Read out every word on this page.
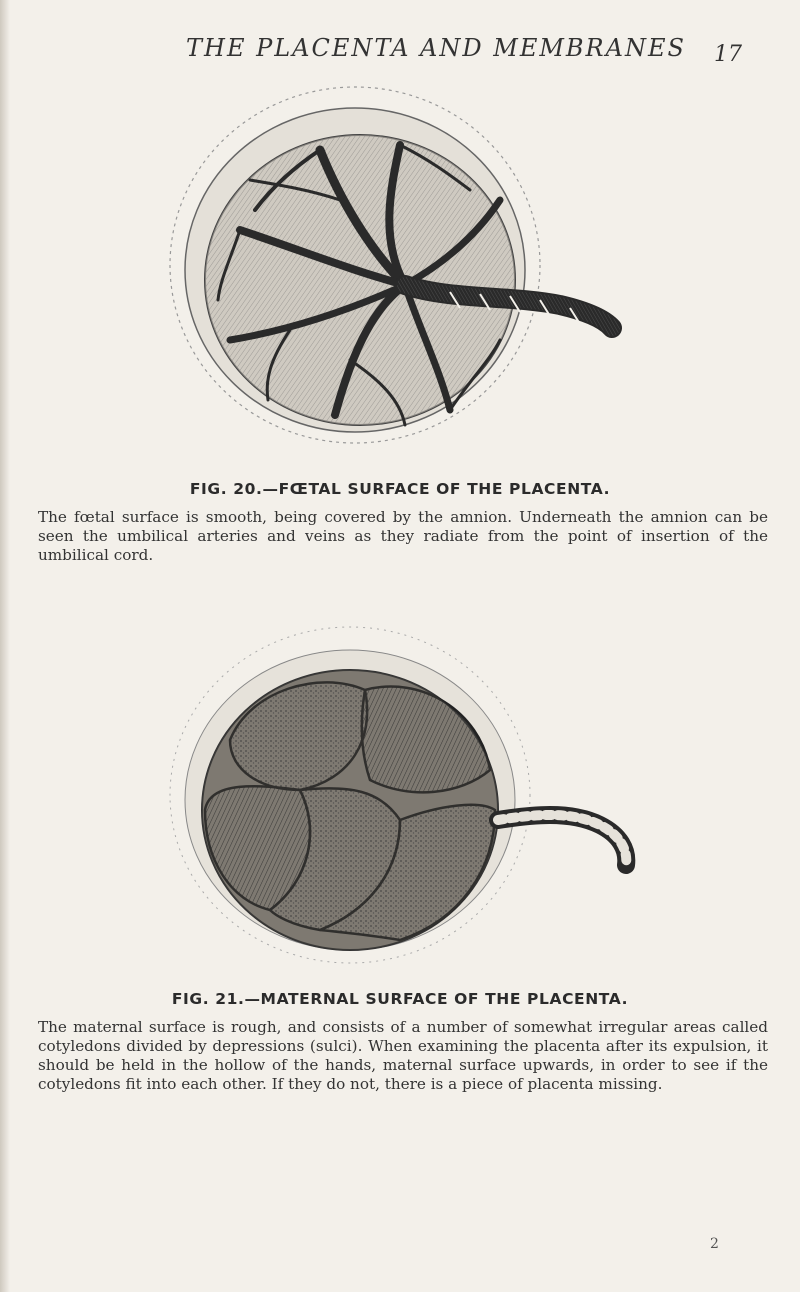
THE PLACENTA AND MEMBRANES 17
FIG. 20.—FŒTAL SURFACE OF THE PLACENTA.

The fœtal surface is smooth, being covered by the amnion. Underneath the amnion can be seen the umbilical arteries and veins as they radiate from the point of insertion of the umbilical cord.

FIG. 21.—MATERNAL SURFACE OF THE PLACENTA.

The maternal surface is rough, and consists of a number of somewhat irregular areas called cotyledons divided by depressions (sulci). When examining the placenta after its expulsion, it should be held in the hollow of the hands, maternal surface upwards, in order to see if the cotyledons fit into each other. If they do not, there is a piece of placenta missing.

2
